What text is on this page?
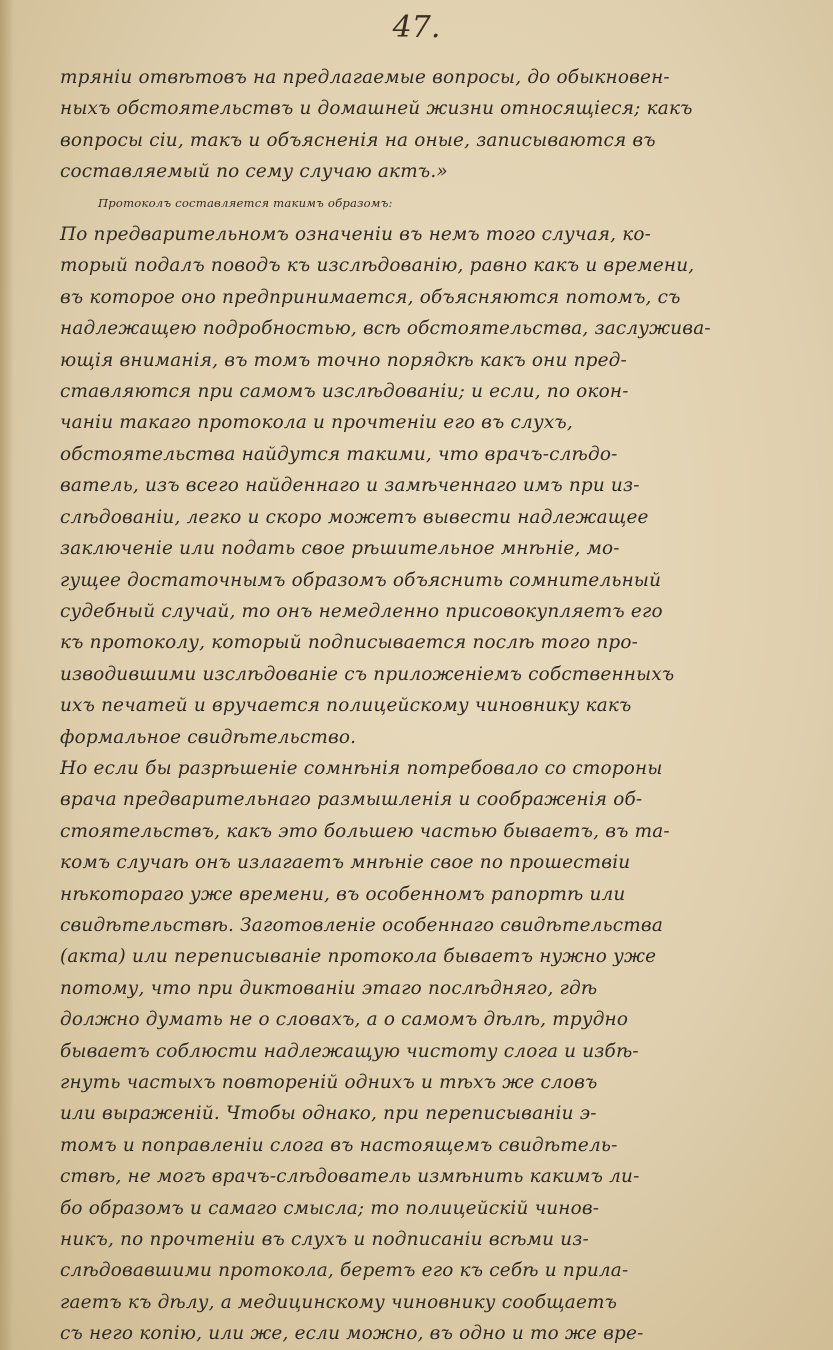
47.
трянiи отвѣтовъ на предлагаемые вопросы, до обыкновен-
ныхъ обстоятельствъ и домашней жизни относящiеся; какъ
вопросы сiи, такъ и объясненiя на оные, записываются въ
составляемый по сему случаю актъ.»
Протоколъ составляется такимъ образомъ:
По предварительномъ означенiи въ немъ того случая, ко-
торый подалъ поводъ къ изслѣдованiю, равно какъ и времени,
въ которое оно предпринимается, объясняются потомъ, съ
надлежащею подробностью, всѣ обстоятельства, заслужива-
ющiя вниманiя, въ томъ точно порядкѣ какъ они пред-
ставляются при самомъ изслѣдованiи; и если, по окон-
чанiи такаго протокола и прочтенiи его въ слухъ,
обстоятельства найдутся такими, что врачъ-слѣдо-
ватель, изъ всего найденнаго и замѣченнаго имъ при из-
слѣдованiи, легко и скоро можетъ вывести надлежащее
заключенiе или подать свое рѣшительное мнѣнiе, мо-
гущее достаточнымъ образомъ объяснить сомнительный
судебный случай, то онъ немедленно присовокупляетъ его
къ протоколу, который подписывается послѣ того про-
изводившими изслѣдованiе съ приложенiемъ собственныхъ
ихъ печатей и вручается полицейскому чиновнику какъ
формальное свидѣтельство.
Но если бы разрѣшенiе сомнѣнiя потребовало со стороны
врача предварительнаго размышленiя и соображенiя об-
стоятельствъ, какъ это большею частью бываетъ, въ та-
комъ случаѣ онъ излагаетъ мнѣнiе свое по прошествiи
нѣкотораго уже времени, въ особенномъ рапортѣ или
свидѣтельствѣ. Заготовленiе особеннаго свидѣтельства
(акта) или переписыванiе протокола бываетъ нужно уже
потому, что при диктованiи этаго послѣдняго, гдѣ
должно думать не о словахъ, а о самомъ дѣлѣ, трудно
бываетъ соблюсти надлежащую чистоту слога и избѣ-
гнуть частыхъ повторенiй однихъ и тѣхъ же словъ
или выраженiй. Чтобы однако, при переписыванiи э-
томъ и поправленiи слога въ настоящемъ свидѣтель-
ствѣ, не могъ врачъ-слѣдователь измѣнить какимъ ли-
бо образомъ и самаго смысла; то полицейскiй чинов-
никъ, по прочтенiи въ слухъ и подписанiи всѣми из-
слѣдовавшими протокола, беретъ его къ себѣ и прила-
гаетъ къ дѣлу, а медицинскому чиновнику сообщаетъ
съ него копiю, или же, если можно, въ одно и то же вре-
